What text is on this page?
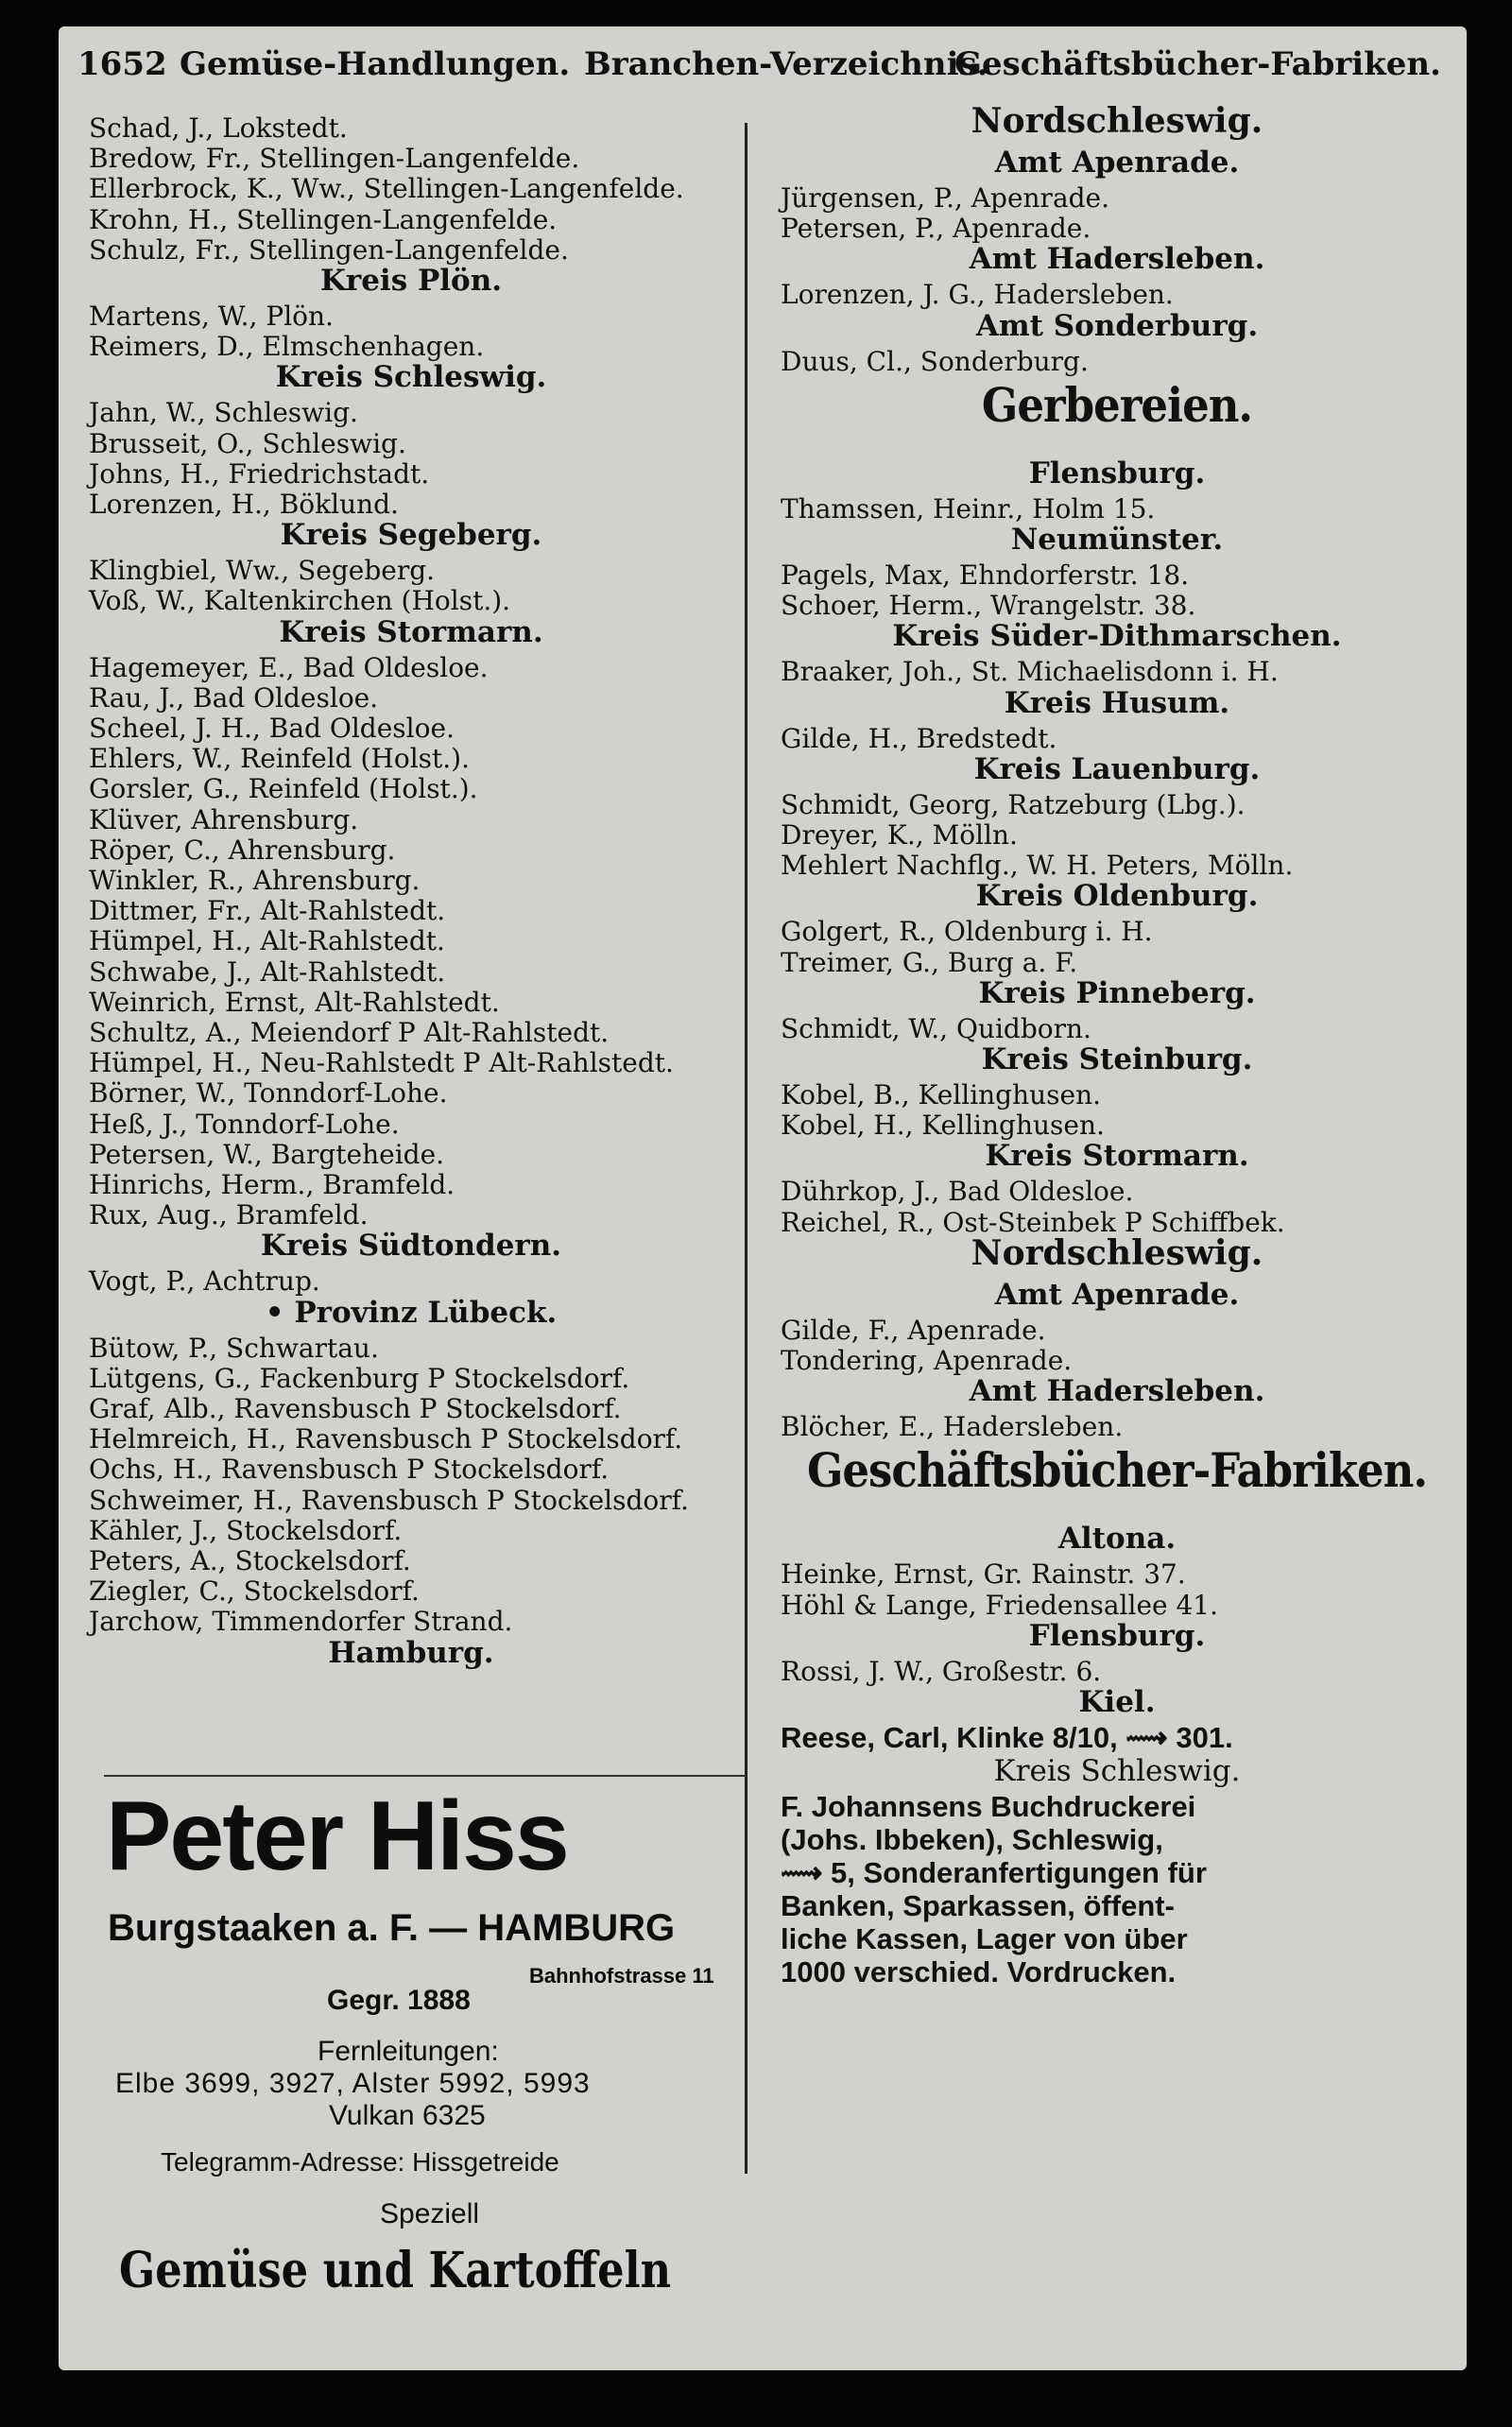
1652 Gemüse-Handlungen. Branchen-Verzeichnis.
Geschäftsbücher-Fabriken.
Schad, J., Lokstedt.
Bredow, Fr., Stellingen-Langenfelde.
Ellerbrock, K., Ww., Stellingen-Langenfelde.
Krohn, H., Stellingen-Langenfelde.
Schulz, Fr., Stellingen-Langenfelde.
Kreis Plön.
Martens, W., Plön.
Reimers, D., Elmschenhagen.
Kreis Schleswig.
Jahn, W., Schleswig.
Brusseit, O., Schleswig.
Johns, H., Friedrichstadt.
Lorenzen, H., Böklund.
Kreis Segeberg.
Klingbiel, Ww., Segeberg.
Voß, W., Kaltenkirchen (Holst.).
Kreis Stormarn.
Hagemeyer, E., Bad Oldesloe.
Rau, J., Bad Oldesloe.
Scheel, J. H., Bad Oldesloe.
Ehlers, W., Reinfeld (Holst.).
Gorsler, G., Reinfeld (Holst.).
Klüver, Ahrensburg.
Röper, C., Ahrensburg.
Winkler, R., Ahrensburg.
Dittmer, Fr., Alt-Rahlstedt.
Hümpel, H., Alt-Rahlstedt.
Schwabe, J., Alt-Rahlstedt.
Weinrich, Ernst, Alt-Rahlstedt.
Schultz, A., Meiendorf P Alt-Rahlstedt.
Hümpel, H., Neu-Rahlstedt P Alt-Rahlstedt.
Börner, W., Tonndorf-Lohe.
Heß, J., Tonndorf-Lohe.
Petersen, W., Bargteheide.
Hinrichs, Herm., Bramfeld.
Rux, Aug., Bramfeld.
Kreis Südtondern.
Vogt, P., Achtrup.
• Provinz Lübeck.
Bütow, P., Schwartau.
Lütgens, G., Fackenburg P Stockelsdorf.
Graf, Alb., Ravensbusch P Stockelsdorf.
Helmreich, H., Ravensbusch P Stockelsdorf.
Ochs, H., Ravensbusch P Stockelsdorf.
Schweimer, H., Ravensbusch P Stockelsdorf.
Kähler, J., Stockelsdorf.
Peters, A., Stockelsdorf.
Ziegler, C., Stockelsdorf.
Jarchow, Timmendorfer Strand.
Hamburg.
Nordschleswig.
Amt Apenrade.
Jürgensen, P., Apenrade.
Petersen, P., Apenrade.
Amt Hadersleben.
Lorenzen, J. G., Hadersleben.
Amt Sonderburg.
Duus, Cl., Sonderburg.
Gerbereien.
Flensburg.
Thamssen, Heinr., Holm 15.
Neumünster.
Pagels, Max, Ehndorferstr. 18.
Schoer, Herm., Wrangelstr. 38.
Kreis Süder-Dithmarschen.
Braaker, Joh., St. Michaelisdonn i. H.
Kreis Husum.
Gilde, H., Bredstedt.
Kreis Lauenburg.
Schmidt, Georg, Ratzeburg (Lbg.).
Dreyer, K., Mölln.
Mehlert Nachflg., W. H. Peters, Mölln.
Kreis Oldenburg.
Golgert, R., Oldenburg i. H.
Treimer, G., Burg a. F.
Kreis Pinneberg.
Schmidt, W., Quidborn.
Kreis Steinburg.
Kobel, B., Kellinghusen.
Kobel, H., Kellinghusen.
Kreis Stormarn.
Dührkop, J., Bad Oldesloe.
Reichel, R., Ost-Steinbek P Schiffbek.
Nordschleswig.
Amt Apenrade.
Gilde, F., Apenrade.
Tondering, Apenrade.
Amt Hadersleben.
Blöcher, E., Hadersleben.
Geschäftsbücher-Fabriken.
Altona.
Heinke, Ernst, Gr. Rainstr. 37.
Höhl & Lange, Friedensallee 41.
Flensburg.
Rossi, J. W., Großestr. 6.
Kiel.
Reese, Carl, Klinke 8/10, ⟿ 301.
Kreis Schleswig.
F. Johannsens Buchdruckerei
(Johs. Ibbeken), Schleswig,
⟿ 5, Sonderanfertigungen für
Banken, Sparkassen, öffent-
liche Kassen, Lager von über
1000 verschied. Vordrucken.
Peter Hiss
Burgstaaken a. F. — HAMBURG
Bahnhofstrasse 11
Gegr. 1888
Fernleitungen:
Elbe 3699, 3927, Alster 5992, 5993
Vulkan 6325
Telegramm-Adresse: Hissgetreide
Speziell
Gemüse und Kartoffeln
